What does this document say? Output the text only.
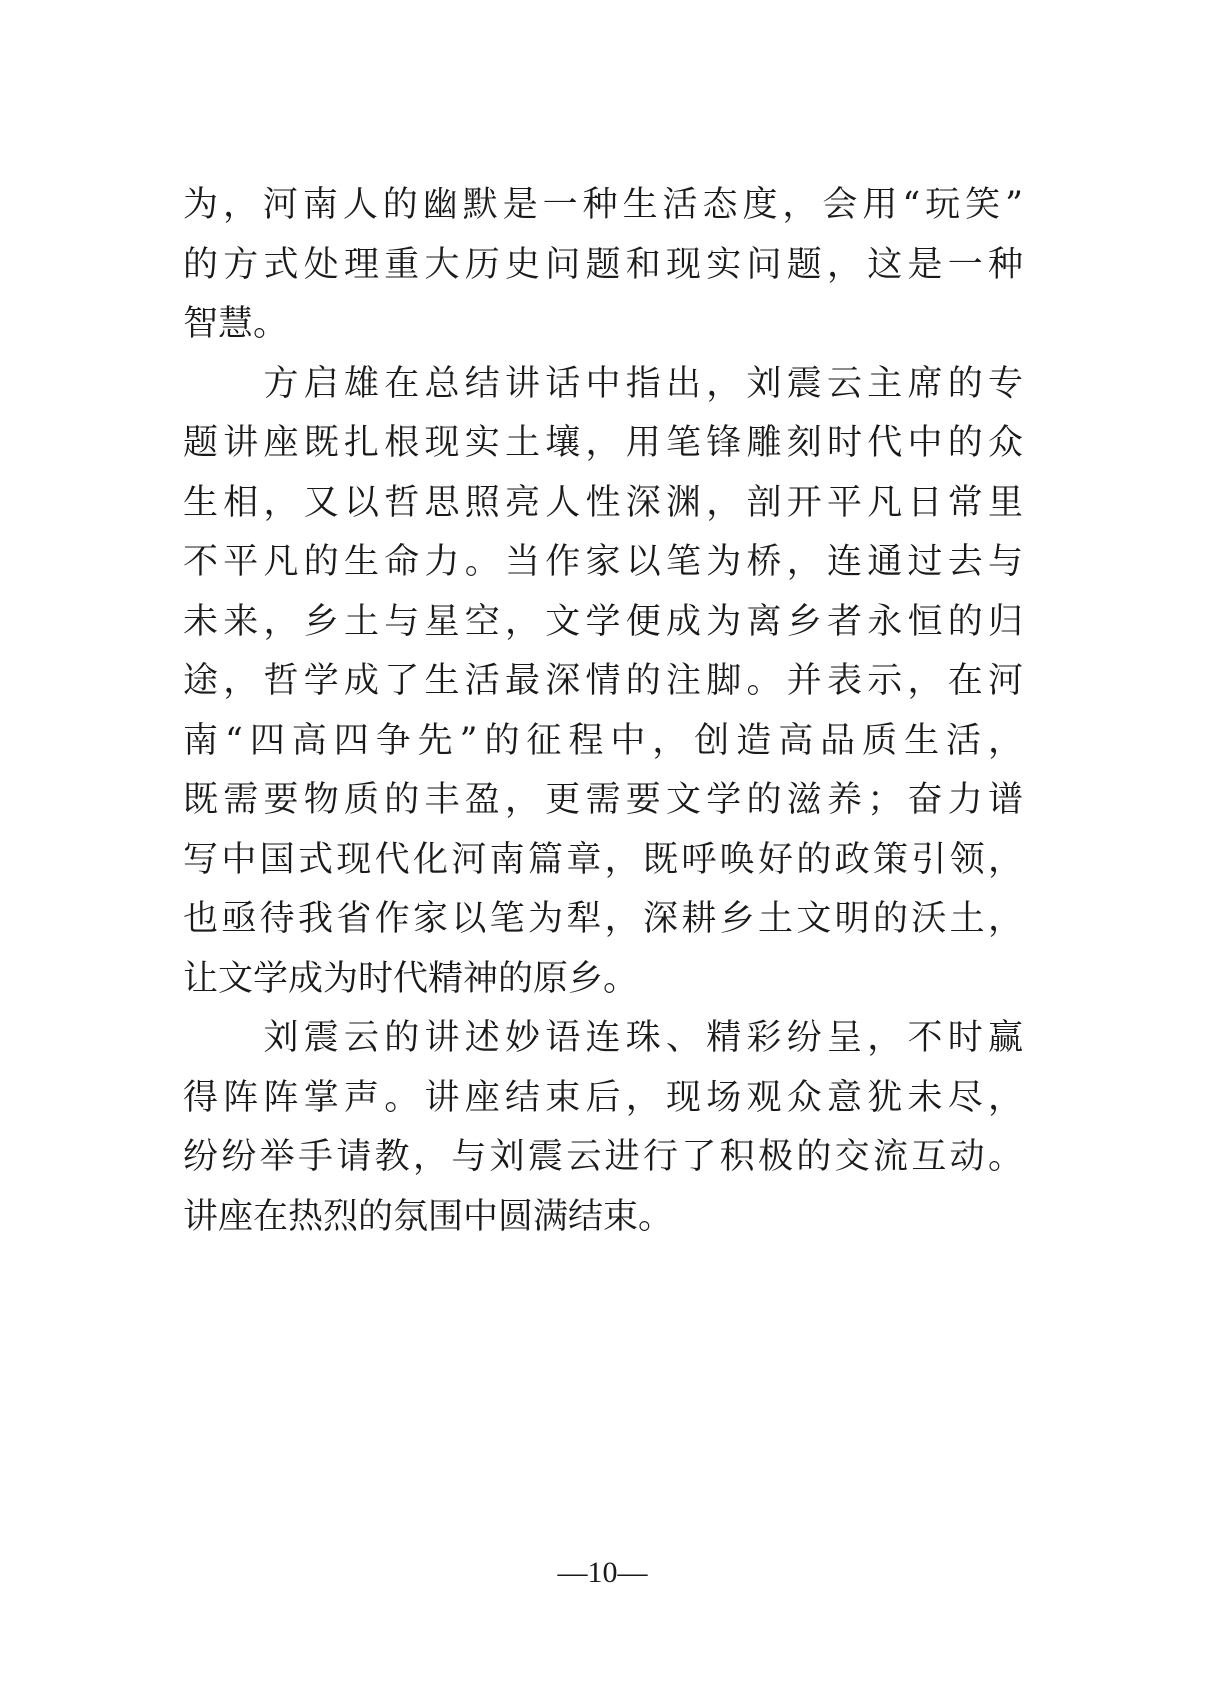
为，河南人的幽默是一种生活态度，会用“玩笑”
的方式处理重大历史问题和现实问题，这是一种
智慧。
　　方启雄在总结讲话中指出，刘震云主席的专
题讲座既扎根现实土壤，用笔锋雕刻时代中的众
生相，又以哲思照亮人性深渊，剖开平凡日常里
不平凡的生命力。当作家以笔为桥，连通过去与
未来，乡土与星空，文学便成为离乡者永恒的归
途，哲学成了生活最深情的注脚。并表示，在河
南“四高四争先”的征程中，创造高品质生活，
既需要物质的丰盈，更需要文学的滋养；奋力谱
写中国式现代化河南篇章，既呼唤好的政策引领，
也亟待我省作家以笔为犁，深耕乡土文明的沃土，
让文学成为时代精神的原乡。
　　刘震云的讲述妙语连珠、精彩纷呈，不时赢
得阵阵掌声。讲座结束后，现场观众意犹未尽，
纷纷举手请教，与刘震云进行了积极的交流互动。
讲座在热烈的氛围中圆满结束。
—10—
